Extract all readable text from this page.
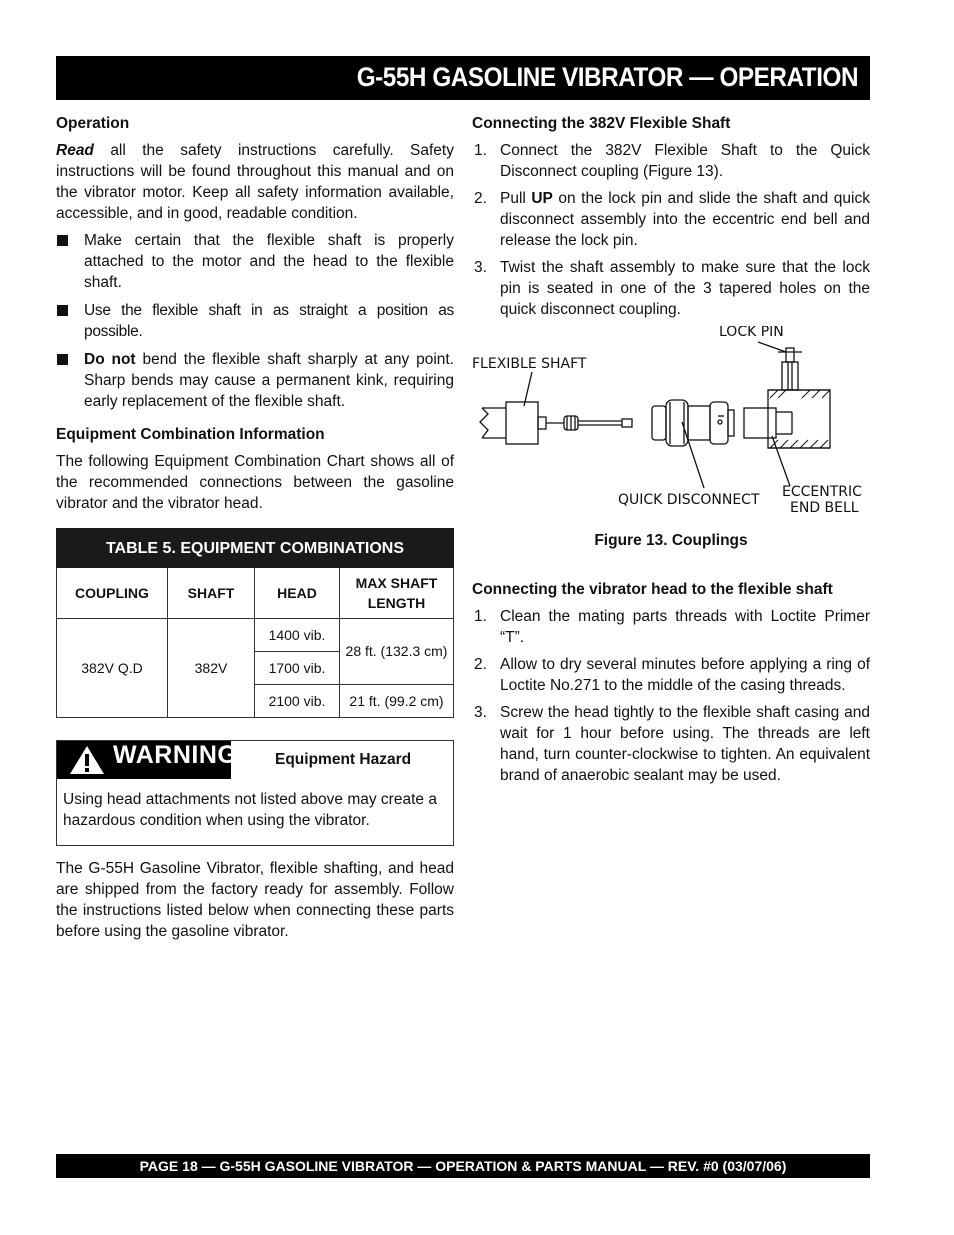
G-55H GASOLINE VIBRATOR — OPERATION
Operation
Read all the safety instructions carefully. Safety instructions will be found throughout this manual and on the vibrator motor. Keep all safety information available, accessible, and in good, readable condition.
Make certain that the flexible shaft is properly attached to the motor and the head to the flexible shaft.
Use the flexible shaft in as straight a position as possible.
Do not bend the flexible shaft sharply at any point. Sharp bends may cause a permanent kink, requiring early replacement of the flexible shaft.
Equipment Combination Information
The following Equipment Combination Chart shows all of the recommended connections between the gasoline vibrator and the vibrator head.
TABLE 5. EQUIPMENT COMBINATIONS			
COUPLING	SHAFT	HEAD	MAX SHAFT LENGTH
382V Q.D	382V	1400 vib.	28 ft. (132.3 cm)
		1700 vib.	
		2100 vib.	21 ft. (99.2 cm)
WARNING Equipment Hazard
Using head attachments not listed above may create a hazardous condition when using the vibrator.
The G-55H Gasoline Vibrator, flexible shafting, and head are shipped from the factory ready for assembly. Follow the instructions listed below when connecting these parts before using the gasoline vibrator.
Connecting the 382V Flexible Shaft
1. Connect the 382V Flexible Shaft to the Quick Disconnect coupling (Figure 13).
2. Pull UP on the lock pin and slide the shaft and quick disconnect assembly into the eccentric end bell and release the lock pin.
3. Twist the shaft assembly to make sure that the lock pin is seated in one of the 3 tapered holes on the quick disconnect coupling.
FLEXIBLE SHAFT
LOCK PIN
QUICK DISCONNECT ECCENTRIC
END BELL
Figure 13. Couplings
Connecting the vibrator head to the flexible shaft
1. Clean the mating parts threads with Loctite Primer “T”.
2. Allow to dry several minutes before applying a ring of Loctite No.271 to the middle of the casing threads.
3. Screw the head tightly to the flexible shaft casing and wait for 1 hour before using. The threads are left hand, turn counter-clockwise to tighten. An equivalent brand of anaerobic sealant may be used.
PAGE 18 — G-55H GASOLINE VIBRATOR — OPERATION & PARTS MANUAL — REV. #0 (03/07/06)
